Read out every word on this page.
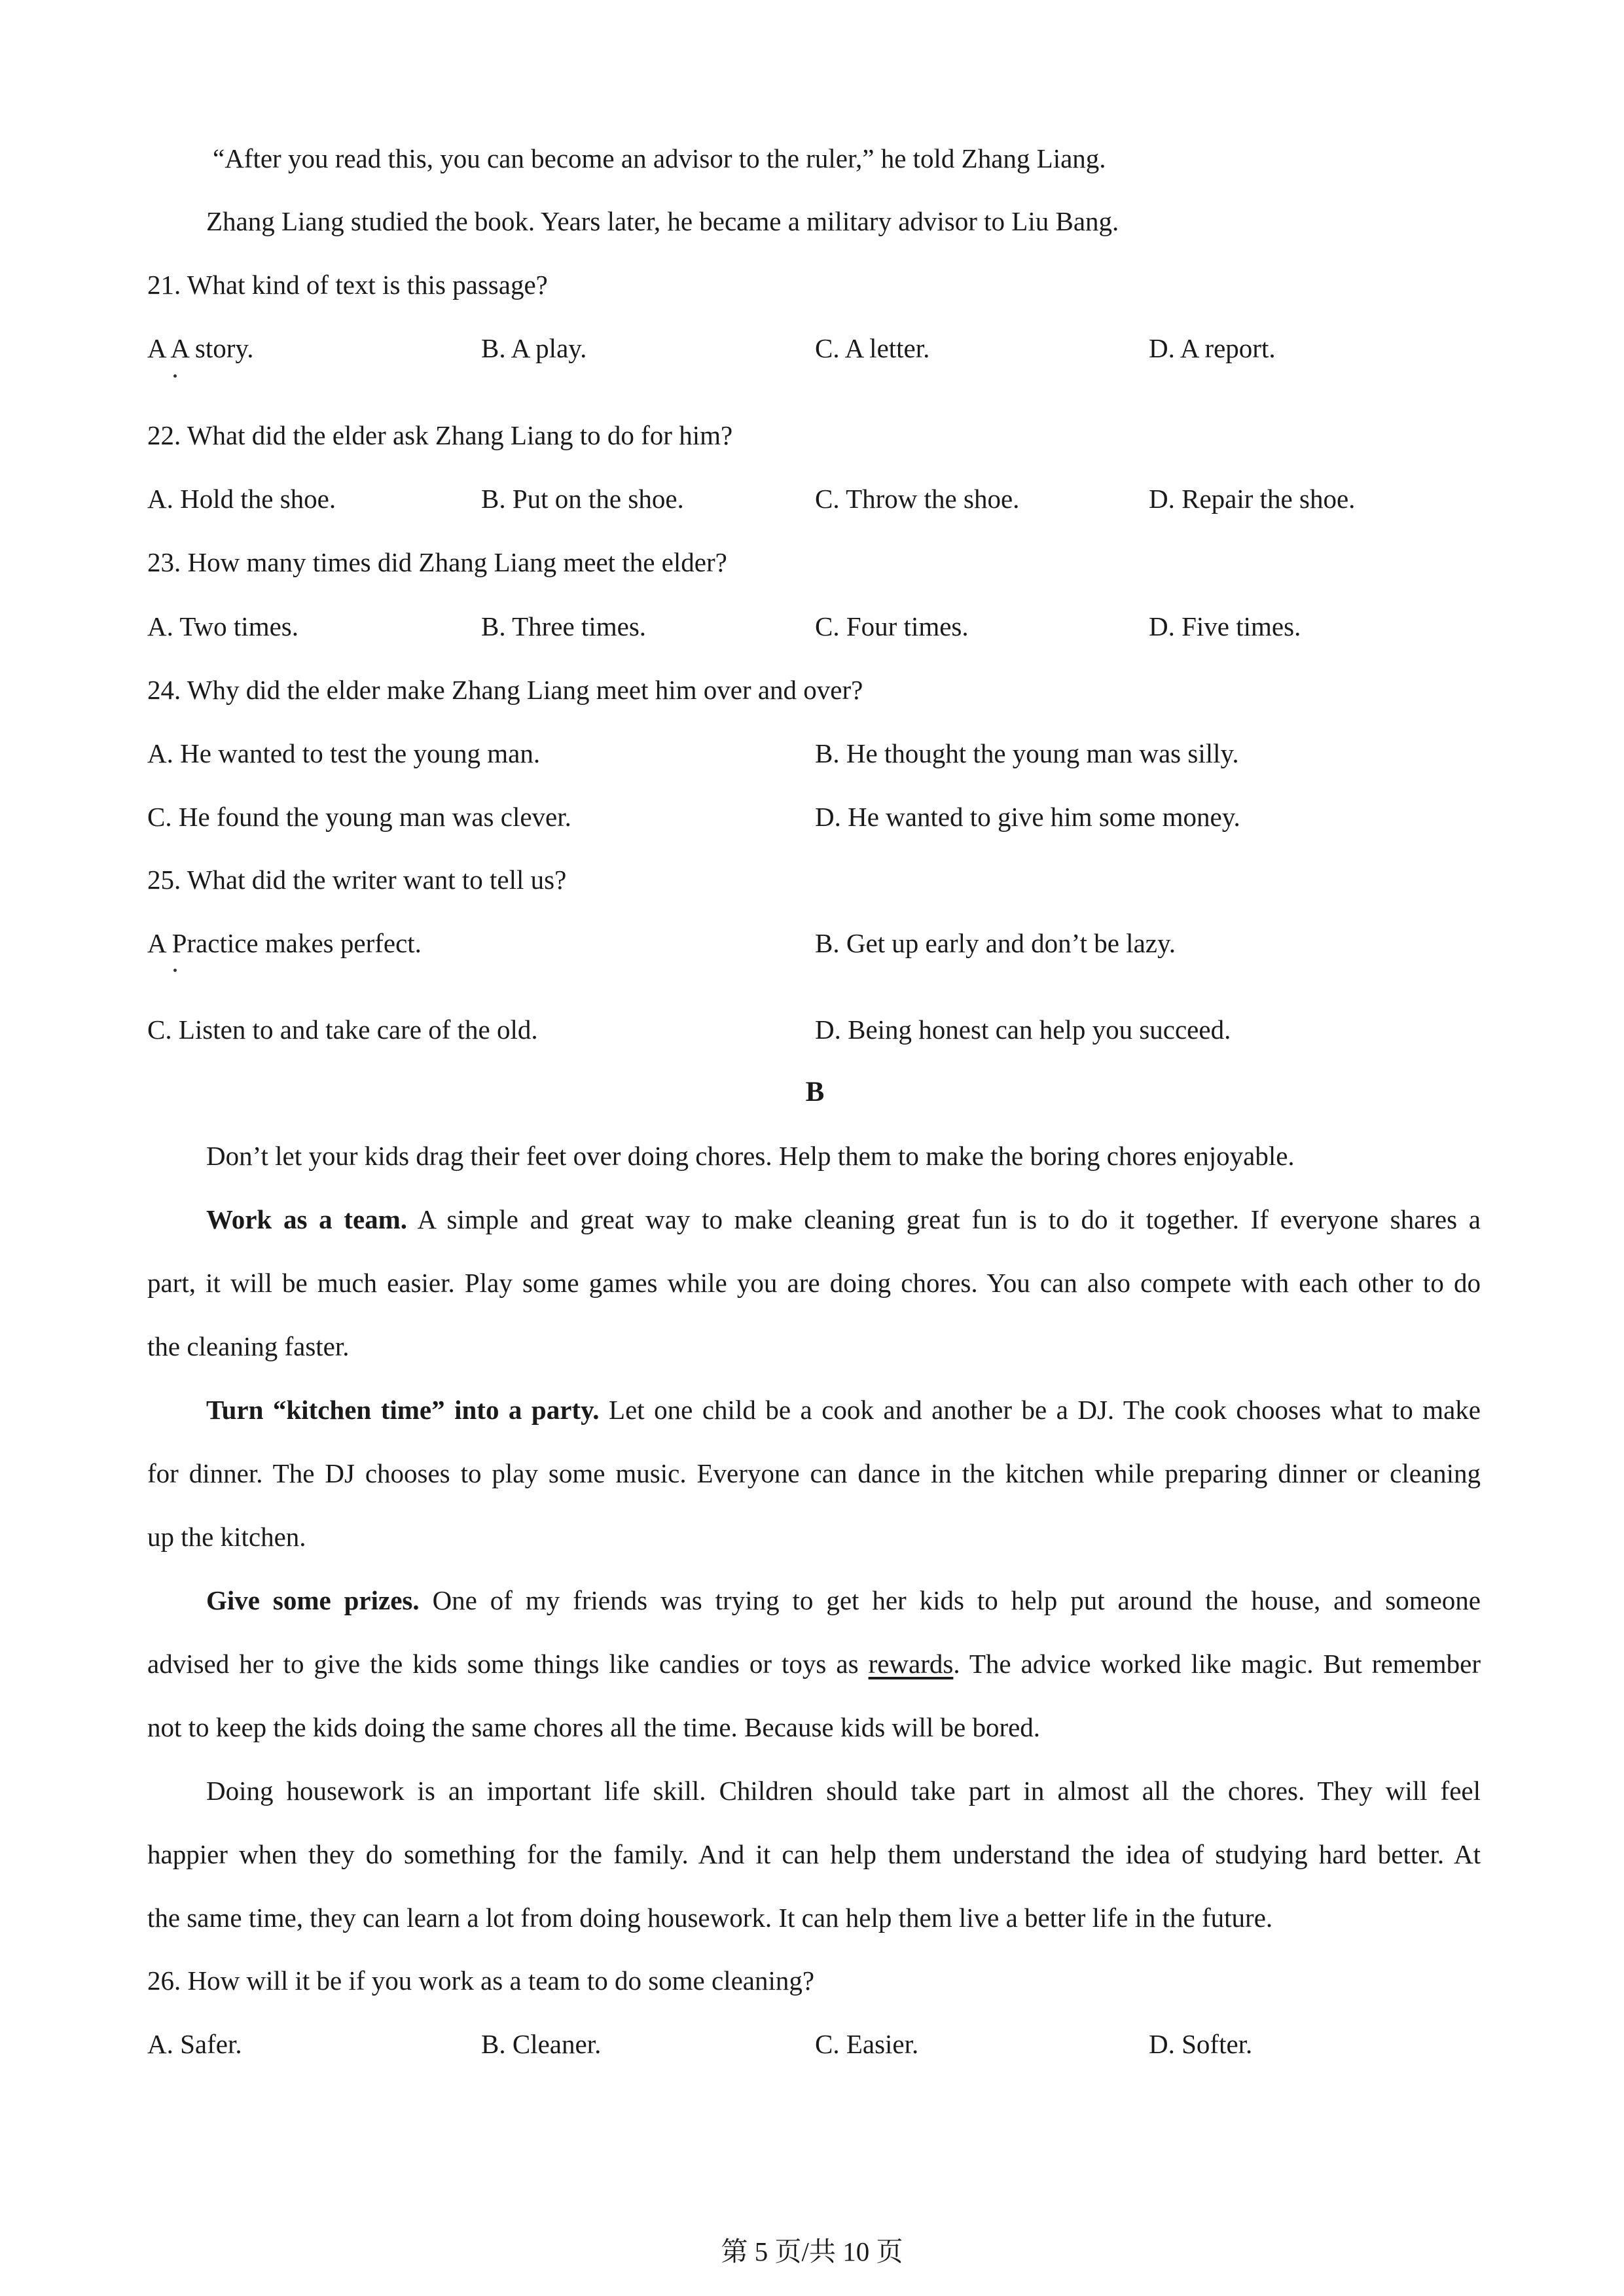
“After you read this, you can become an advisor to the ruler,” he told Zhang Liang.
Zhang Liang studied the book. Years later, he became a military advisor to Liu Bang.
21. What kind of text is this passage?
A A story.	B. A play.	C. A letter.	D. A report.
22. What did the elder ask Zhang Liang to do for him?
A. Hold the shoe.	B. Put on the shoe.	C. Throw the shoe.	D. Repair the shoe.
23. How many times did Zhang Liang meet the elder?
A. Two times.	B. Three times.	C. Four times.	D. Five times.
24. Why did the elder make Zhang Liang meet him over and over?
A. He wanted to test the young man.	B. He thought the young man was silly.
C. He found the young man was clever.	D. He wanted to give him some money.
25. What did the writer want to tell us?
A Practice makes perfect.	B. Get up early and don’t be lazy.
C. Listen to and take care of the old.	D. Being honest can help you succeed.
B
Don’t let your kids drag their feet over doing chores. Help them to make the boring chores enjoyable.
Work as a team. A simple and great way to make cleaning great fun is to do it together. If everyone shares a
part, it will be much easier. Play some games while you are doing chores. You can also compete with each other to do
the cleaning faster.
Turn “kitchen time” into a party. Let one child be a cook and another be a DJ. The cook chooses what to make
for dinner. The DJ chooses to play some music. Everyone can dance in the kitchen while preparing dinner or cleaning
up the kitchen.
Give some prizes. One of my friends was trying to get her kids to help put around the house, and someone
advised her to give the kids some things like candies or toys as rewards. The advice worked like magic. But remember
not to keep the kids doing the same chores all the time. Because kids will be bored.
Doing housework is an important life skill. Children should take part in almost all the chores. They will feel
happier when they do something for the family. And it can help them understand the idea of studying hard better. At
the same time, they can learn a lot from doing housework. It can help them live a better life in the future.
26. How will it be if you work as a team to do some cleaning?
A. Safer.	B. Cleaner.	C. Easier.	D. Softer.
第 5 页/共 10 页
